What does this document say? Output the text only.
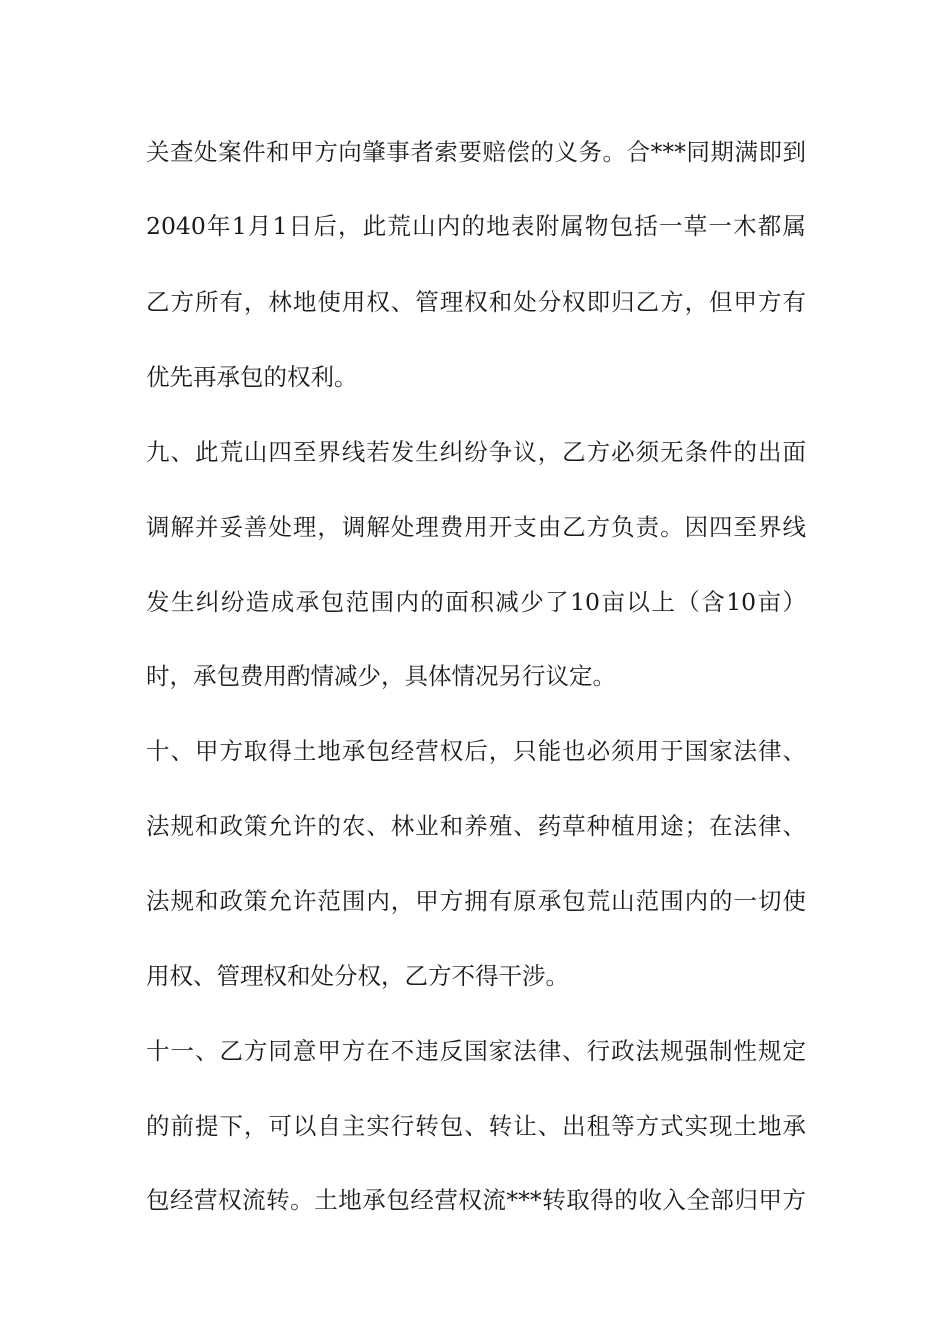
关查处案件和甲方向肇事者索要赔偿的义务。合***同期满即到
2040年1月1日后，此荒山内的地表附属物包括一草一木都属
乙方所有，林地使用权、管理权和处分权即归乙方，但甲方有
优先再承包的权利。
九、此荒山四至界线若发生纠纷争议，乙方必须无条件的出面
调解并妥善处理，调解处理费用开支由乙方负责。因四至界线
发生纠纷造成承包范围内的面积减少了10亩以上（含10亩）
时，承包费用酌情减少，具体情况另行议定。
十、甲方取得土地承包经营权后，只能也必须用于国家法律、
法规和政策允许的农、林业和养殖、药草种植用途；在法律、
法规和政策允许范围内，甲方拥有原承包荒山范围内的一切使
用权、管理权和处分权，乙方不得干涉。
十一、乙方同意甲方在不违反国家法律、行政法规强制性规定
的前提下，可以自主实行转包、转让、出租等方式实现土地承
包经营权流转。土地承包经营权流***转取得的收入全部归甲方
